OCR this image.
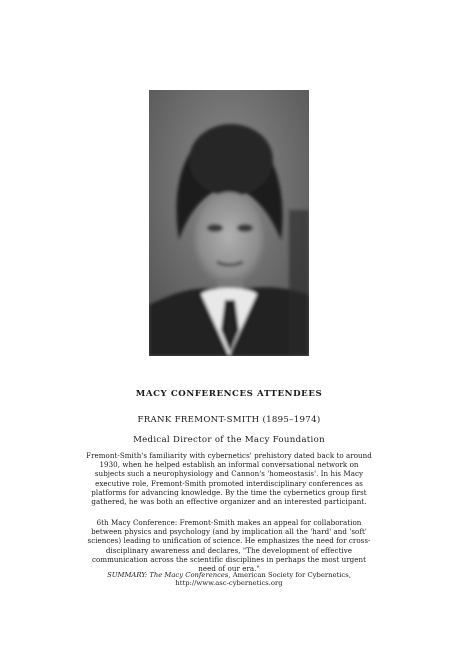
MACY CONFERENCES ATTENDEES
FRANK FREMONT-SMITH (1895–1974)
Medical Director of the Macy Foundation
Fremont-Smith's familiarity with cybernetics' prehistory dated back to around 1930, when he helped establish an informal conversational network on subjects such a neurophysiology and Cannon's 'homeostasis'. In his Macy executive role, Fremont-Smith promoted interdisciplinary conferences as platforms for advancing knowledge. By the time the cybernetics group first gathered, he was both an effective organizer and an interested participant.
6th Macy Conference: Fremont-Smith makes an appeal for collaboration between physics and psychology (and by implication all the 'hard' and 'soft' sciences) leading to unification of science. He emphasizes the need for cross-disciplinary awareness and declares, "The development of effective communication across the scientific disciplines in perhaps the most urgent need of our era."
SUMMARY: The Macy Conferences, American Society for Cybernetics,
http://www.asc-cybernetics.org
